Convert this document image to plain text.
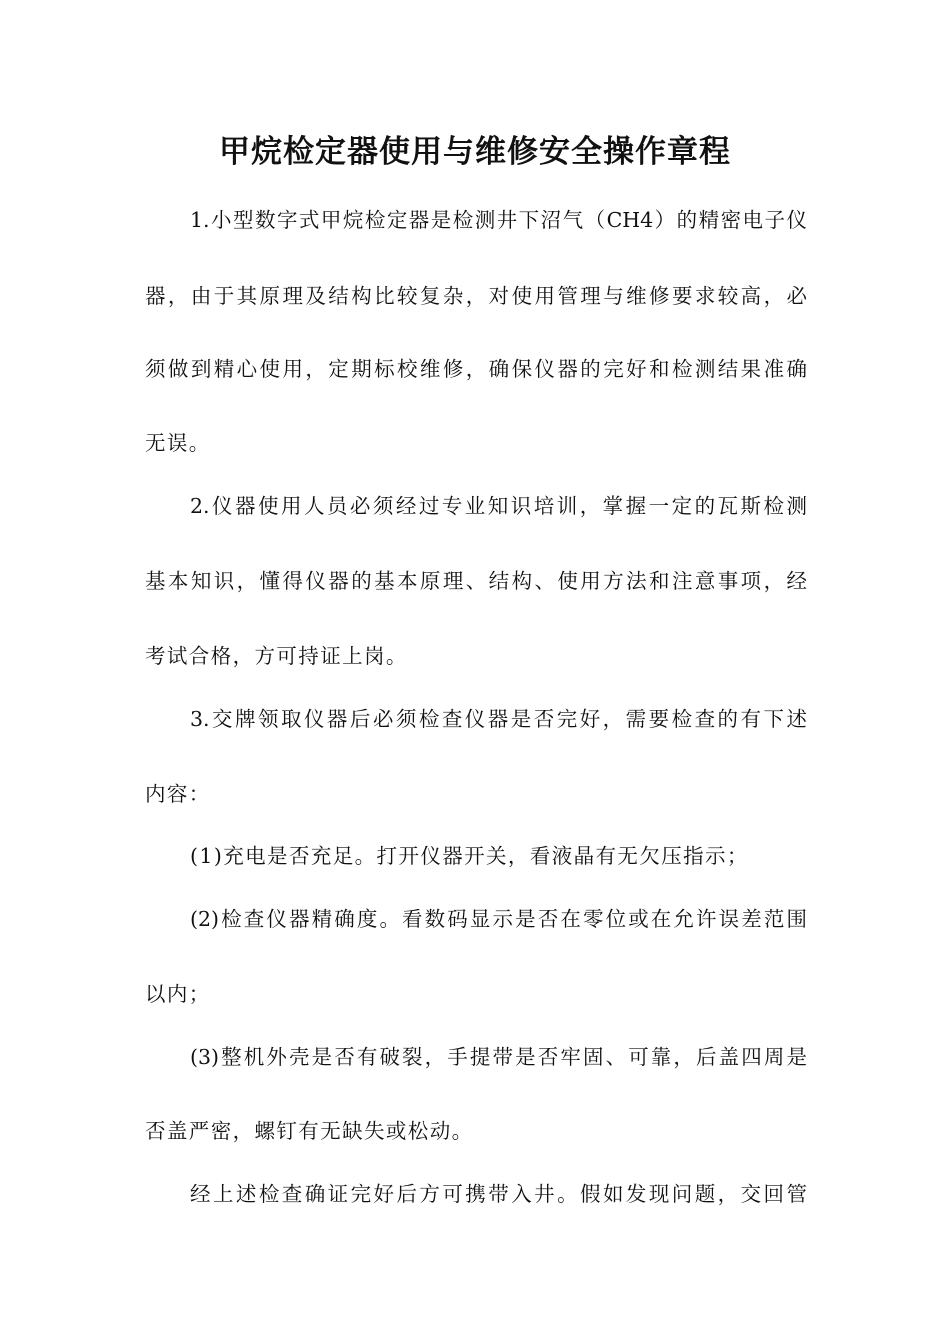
甲烷检定器使用与维修安全操作章程
1.小型数字式甲烷检定器是检测井下沼气（CH4）的精密电子仪
器，由于其原理及结构比较复杂，对使用管理与维修要求较高，必
须做到精心使用，定期标校维修，确保仪器的完好和检测结果准确
无误。
2.仪器使用人员必须经过专业知识培训，掌握一定的瓦斯检测
基本知识，懂得仪器的基本原理、结构、使用方法和注意事项，经
考试合格，方可持证上岗。
3.交牌领取仪器后必须检查仪器是否完好，需要检查的有下述
内容：
(1)充电是否充足。打开仪器开关，看液晶有无欠压指示；
(2)检查仪器精确度。看数码显示是否在零位或在允许误差范围
以内；
(3)整机外壳是否有破裂，手提带是否牢固、可靠，后盖四周是
否盖严密，螺钉有无缺失或松动。
经上述检查确证完好后方可携带入井。假如发现问题，交回管
